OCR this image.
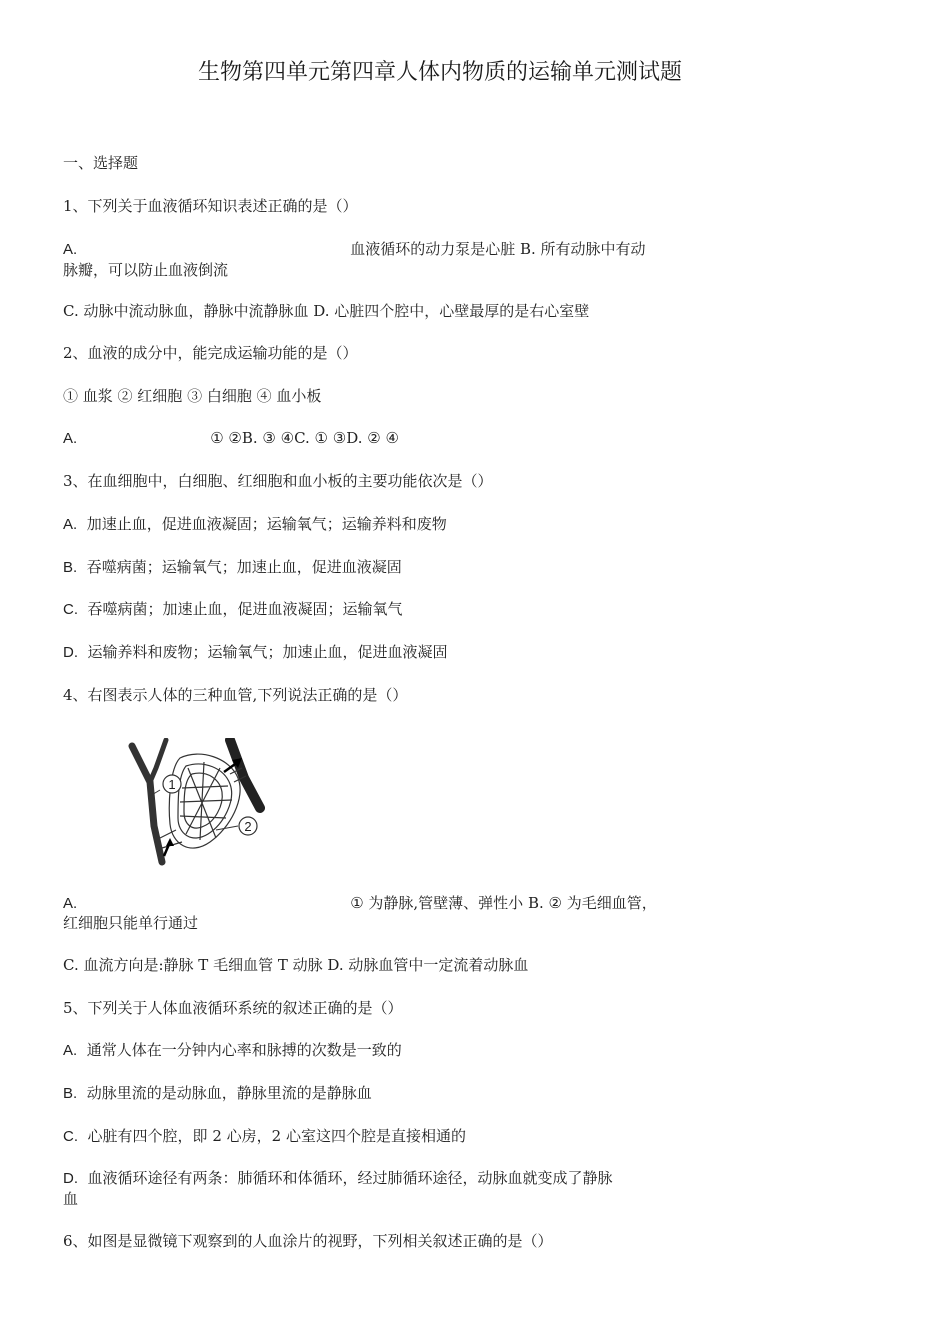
生物第四单元第四章人体内物质的运输单元测试题
一、选择题
1、下列关于血液循环知识表述正确的是（）
A.	血液循环的动力泵是心脏 B. 所有动脉中有动
脉瓣，可以防止血液倒流
C. 动脉中流动脉血，静脉中流静脉血 D. 心脏四个腔中，心壁最厚的是右心室壁
2、血液的成分中，能完成运输功能的是（）
① 血浆 ② 红细胞 ③ 白细胞 ④ 血小板
A.	① ②B. ③ ④C. ① ③D. ② ④
3、在血细胞中，白细胞、红细胞和血小板的主要功能依次是（）
A. 加速止血，促进血液凝固；运输氧气；运输养料和废物
B. 吞噬病菌；运输氧气；加速止血，促进血液凝固
C. 吞噬病菌；加速止血，促进血液凝固；运输氧气
D. 运输养料和废物；运输氧气；加速止血，促进血液凝固
4、右图表示人体的三种血管,下列说法正确的是（）
1
2
A.	① 为静脉,管壁薄、弹性小 B. ② 为毛细血管，
红细胞只能单行通过
C. 血流方向是:静脉 T 毛细血管 T 动脉 D. 动脉血管中一定流着动脉血
5、下列关于人体血液循环系统的叙述正确的是（）
A. 通常人体在一分钟内心率和脉搏的次数是一致的
B. 动脉里流的是动脉血，静脉里流的是静脉血
C. 心脏有四个腔，即 2 心房，2 心室这四个腔是直接相通的
D. 血液循环途径有两条：肺循环和体循环，经过肺循环途径，动脉血就变成了静脉
血
6、如图是显微镜下观察到的人血涂片的视野，下列相关叙述正确的是（）
